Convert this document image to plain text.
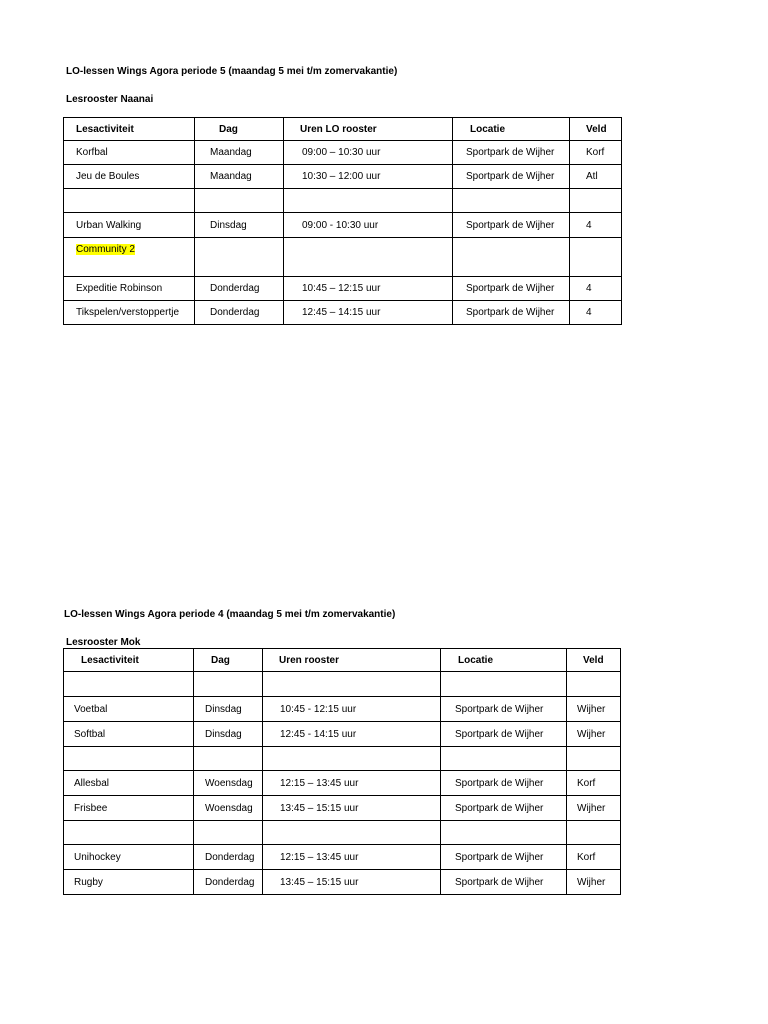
LO-lessen Wings Agora periode 5 (maandag 5 mei t/m zomervakantie)
Lesrooster Naanai
Lesactiviteit	Dag	Uren LO rooster	Locatie	Veld
Korfbal	Maandag	09:00 – 10:30 uur	Sportpark de Wijher	Korf
Jeu de Boules	Maandag	10:30 – 12:00 uur	Sportpark de Wijher	Atl

Urban Walking	Dinsdag	09:00 - 10:30 uur	Sportpark de Wijher	4
Community 2				
Expeditie Robinson	Donderdag	10:45 – 12:15 uur	Sportpark de Wijher	4
Tikspelen/verstoppertje	Donderdag	12:45 – 14:15 uur	Sportpark de Wijher	4
LO-lessen Wings Agora periode 4 (maandag 5 mei t/m zomervakantie)
Lesrooster Mok
Lesactiviteit	Dag	Uren rooster	Locatie	Veld

Voetbal	Dinsdag	10:45 - 12:15 uur	Sportpark de Wijher	Wijher
Softbal	Dinsdag	12:45 - 14:15 uur	Sportpark de Wijher	Wijher

Allesbal	Woensdag	12:15 – 13:45 uur	Sportpark de Wijher	Korf
Frisbee	Woensdag	13:45 – 15:15 uur	Sportpark de Wijher	Wijher

Unihockey	Donderdag	12:15 – 13:45 uur	Sportpark de Wijher	Korf
Rugby	Donderdag	13:45 – 15:15 uur	Sportpark de Wijher	Wijher
